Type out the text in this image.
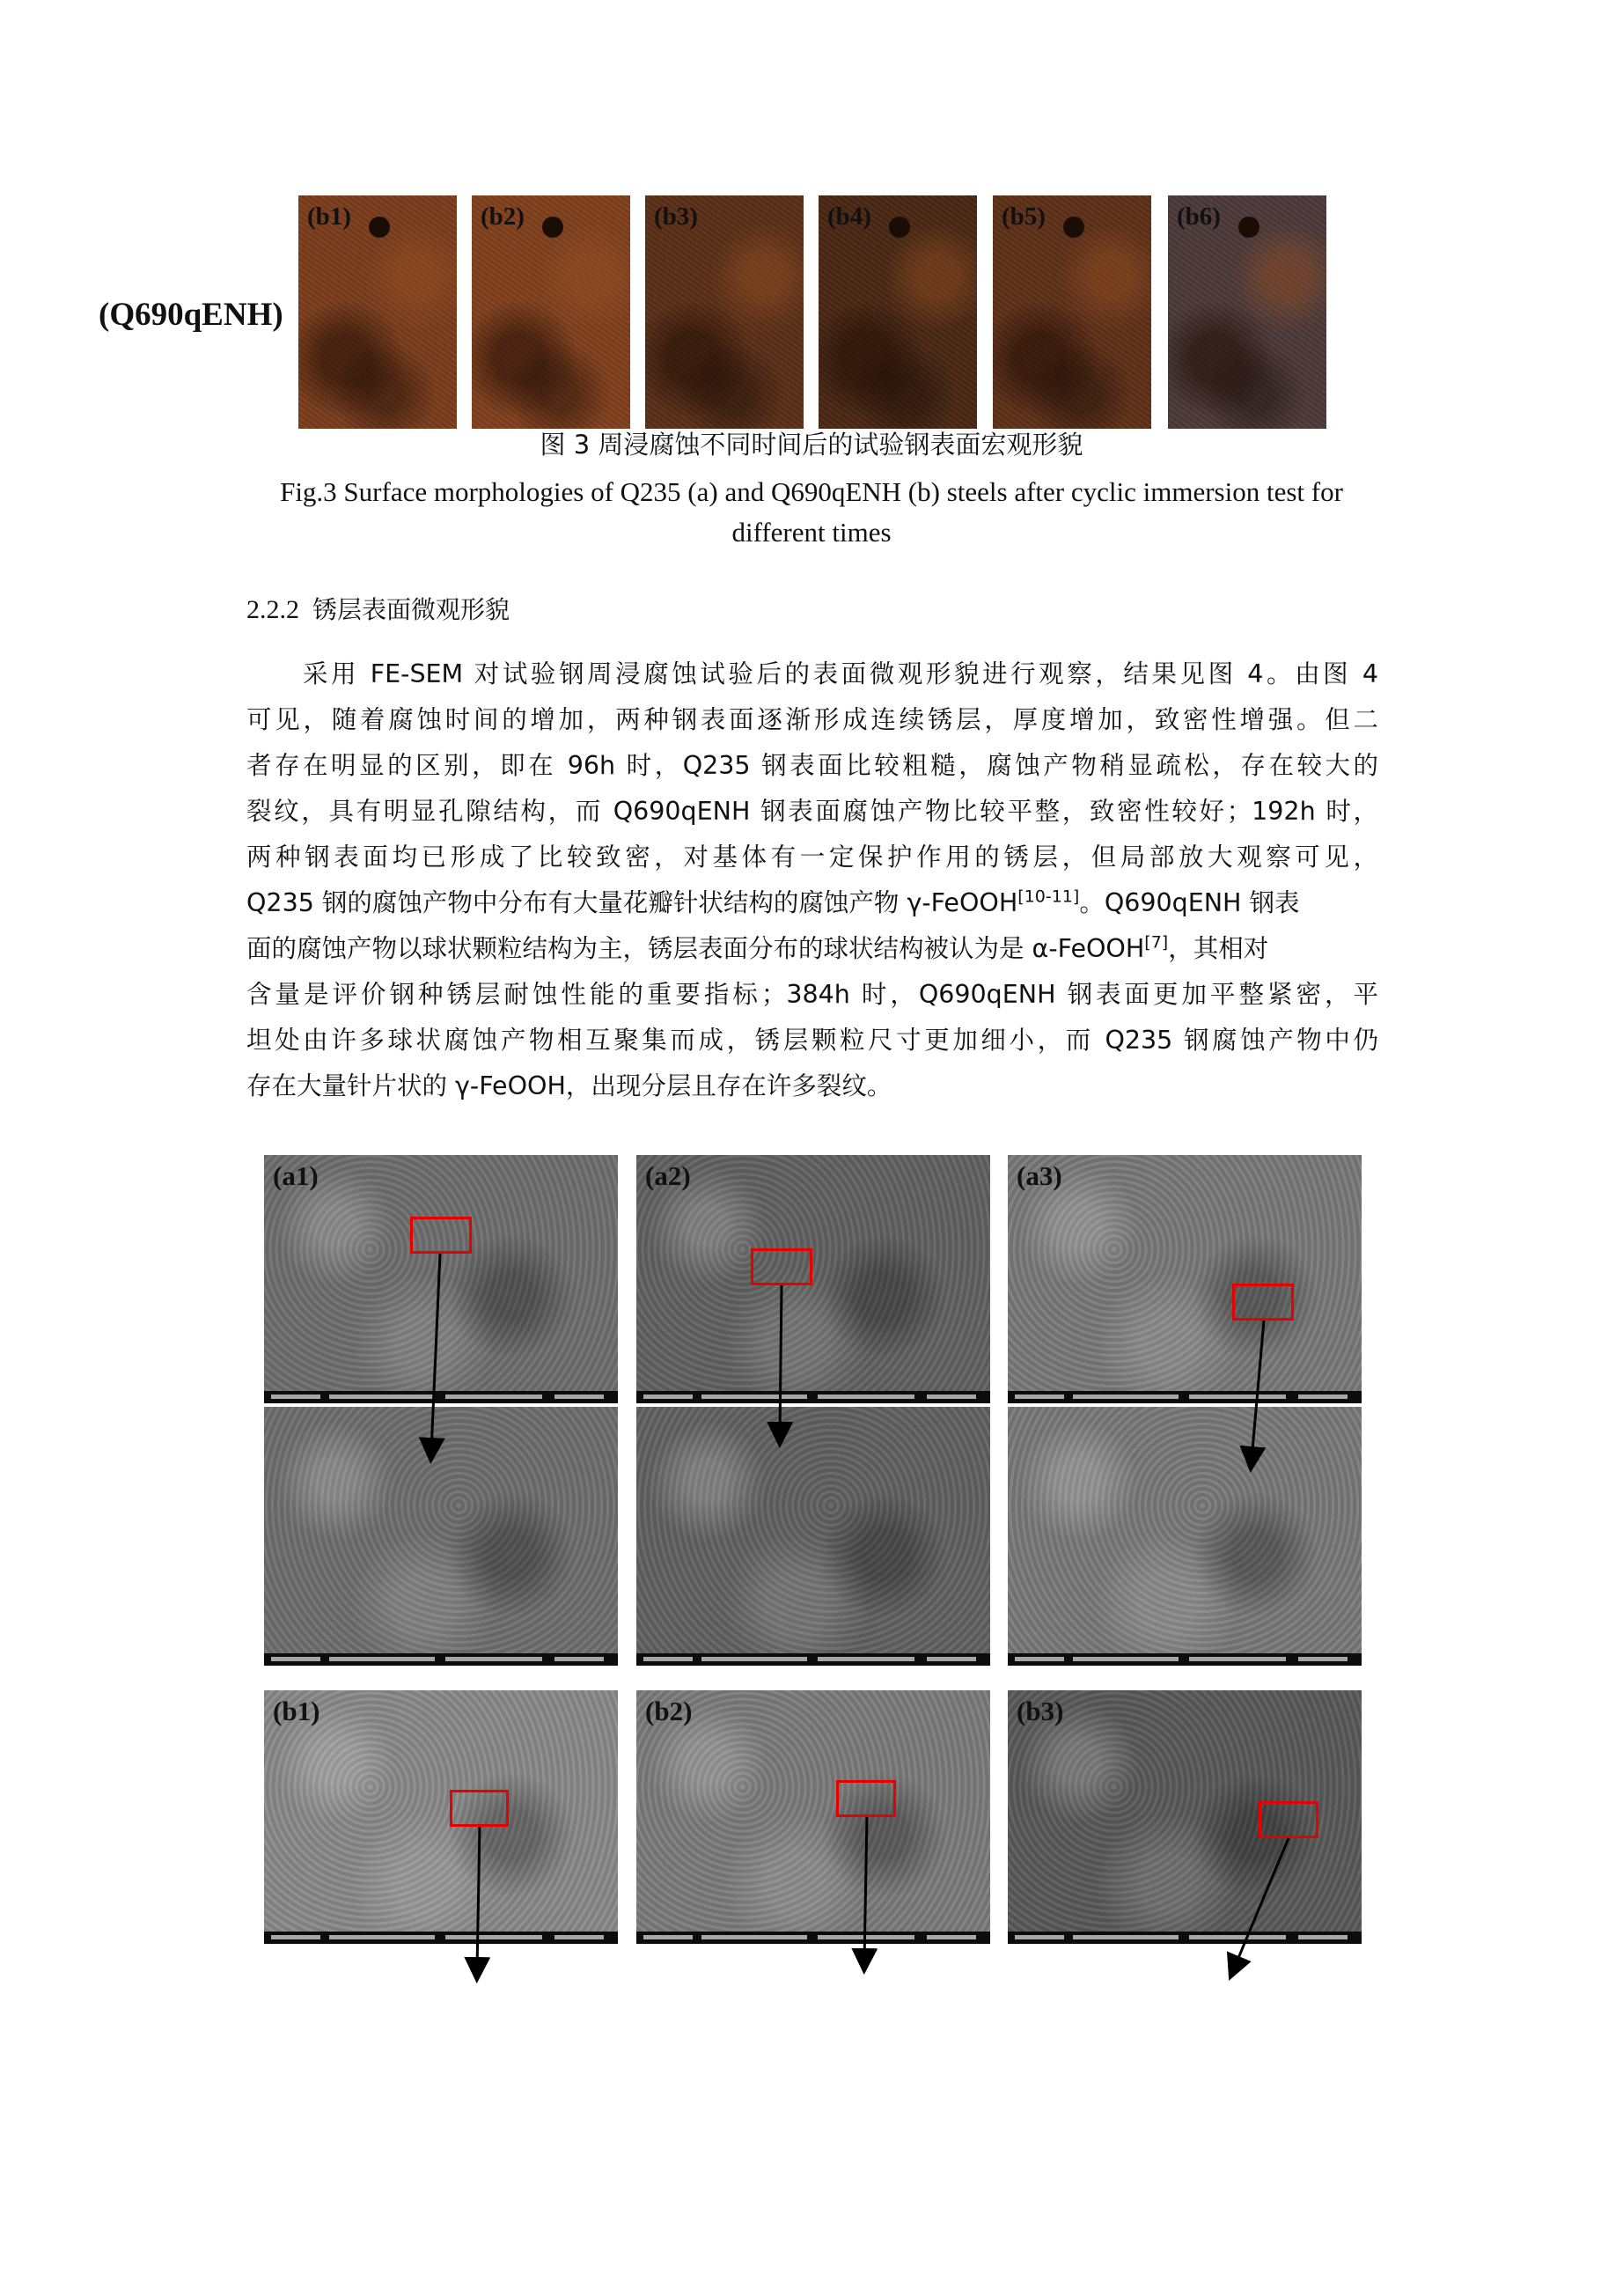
(Q690qENH)
(b1)	(b2)	(b3)	(b4)	(b5)	(b6)
图 3 周浸腐蚀不同时间后的试验钢表面宏观形貌
Fig.3 Surface morphologies of Q235 (a) and Q690qENH (b) steels after cyclic immersion test for
different times
2.2.2 锈层表面微观形貌
采用 FE-SEM 对试验钢周浸腐蚀试验后的表面微观形貌进行观察，结果见图 4。由图 4
可见，随着腐蚀时间的增加，两种钢表面逐渐形成连续锈层，厚度增加，致密性增强。但二
者存在明显的区别，即在 96h 时，Q235 钢表面比较粗糙，腐蚀产物稍显疏松，存在较大的
裂纹，具有明显孔隙结构，而 Q690qENH 钢表面腐蚀产物比较平整，致密性较好；192h 时，
两种钢表面均已形成了比较致密，对基体有一定保护作用的锈层，但局部放大观察可见，
Q235 钢的腐蚀产物中分布有大量花瓣针状结构的腐蚀产物 γ-FeOOH[10-11]。Q690qENH 钢表
面的腐蚀产物以球状颗粒结构为主，锈层表面分布的球状结构被认为是 α-FeOOH[7]，其相对
含量是评价钢种锈层耐蚀性能的重要指标；384h 时，Q690qENH 钢表面更加平整紧密，平
坦处由许多球状腐蚀产物相互聚集而成，锈层颗粒尺寸更加细小，而 Q235 钢腐蚀产物中仍
存在大量针片状的 γ-FeOOH，出现分层且存在许多裂纹。
(a1)	(a2)	(a3)
(b1)	(b2)	(b3)
